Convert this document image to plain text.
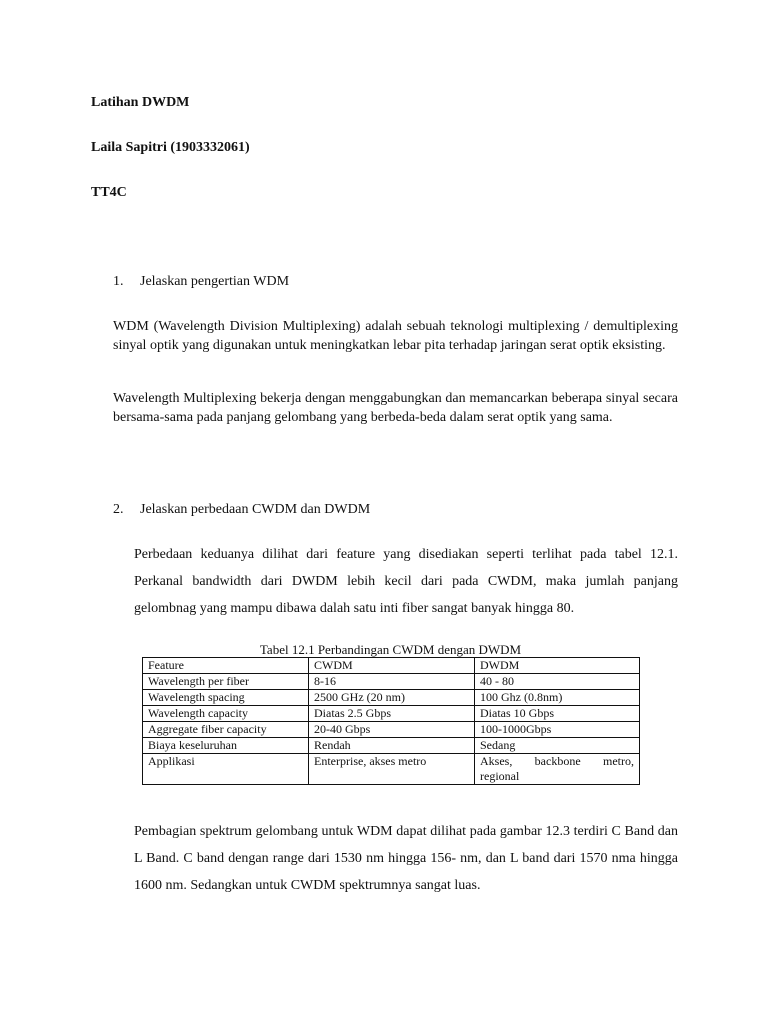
Latihan DWDM
Laila Sapitri (1903332061)
TT4C
1. Jelaskan pengertian WDM
WDM (Wavelength Division Multiplexing) adalah sebuah teknologi multiplexing / demultiplexing sinyal optik yang digunakan untuk meningkatkan lebar pita terhadap jaringan serat optik eksisting.
Wavelength Multiplexing bekerja dengan menggabungkan dan memancarkan beberapa sinyal secara bersama-sama pada panjang gelombang yang berbeda-beda dalam serat optik yang sama.
2. Jelaskan perbedaan CWDM dan DWDM
Perbedaan keduanya dilihat dari feature yang disediakan seperti terlihat pada tabel 12.1. Perkanal bandwidth dari DWDM lebih kecil dari pada CWDM, maka jumlah panjang gelombnag yang mampu dibawa dalah satu inti fiber sangat banyak hingga 80.
Tabel 12.1 Perbandingan CWDM dengan DWDM
Feature	CWDM	DWDM
Wavelength per fiber	8-16	40 - 80
Wavelength spacing	2500 GHz (20 nm)	100 Ghz (0.8nm)
Wavelength capacity	Diatas 2.5 Gbps	Diatas 10 Gbps
Aggregate fiber capacity	20-40 Gbps	100-1000Gbps
Biaya keseluruhan	Rendah	Sedang
Applikasi	Enterprise, akses metro	Akses, backbone metro, regional
Pembagian spektrum gelombang untuk WDM dapat dilihat pada gambar 12.3 terdiri C Band dan L Band. C band dengan range dari 1530 nm hingga 156- nm, dan L band dari 1570 nma hingga 1600 nm. Sedangkan untuk CWDM spektrumnya sangat luas.
